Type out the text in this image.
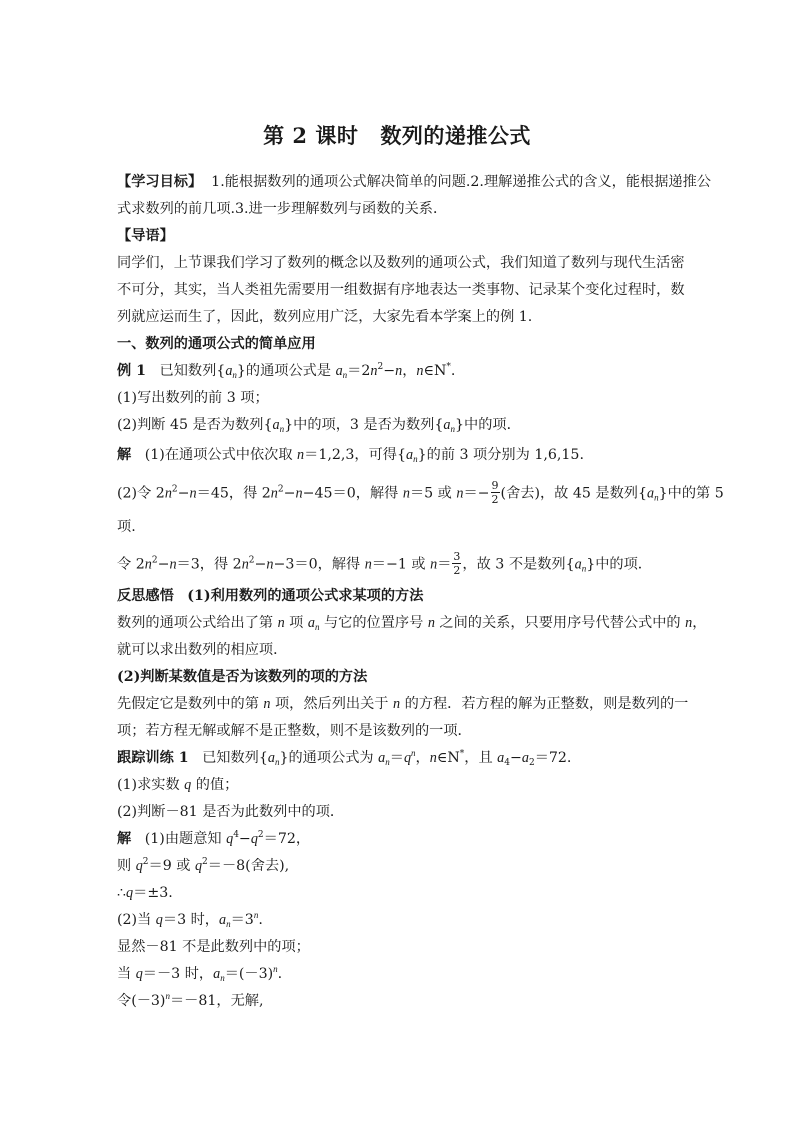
第 2 课时 数列的递推公式
【学习目标】 1.能根据数列的通项公式解决简单的问题.2.理解递推公式的含义，能根据递推公
式求数列的前几项.3.进一步理解数列与函数的关系．
【导语】
同学们，上节课我们学习了数列的概念以及数列的通项公式，我们知道了数列与现代生活密
不可分，其实，当人类祖先需要用一组数据有序地表达一类事物、记录某个变化过程时，数
列就应运而生了，因此，数列应用广泛，大家先看本学案上的例 1.
一、数列的通项公式的简单应用
例 1 已知数列$\{a_n\}$的通项公式是 $a_n=2n^2-n$，n∈N*.
(1)写出数列的前 3 项；
(2)判断 45 是否为数列$\{a_n\}$中的项，3 是否为数列$\{a_n\}$中的项．
解 (1)在通项公式中依次取 n＝1,2,3，可得$\{a_n\}$的前 3 项分别为 1,6,15.
(2)令 $2n^2-n=45$，得 $2n^2-n-45=0$，解得 n＝5 或 $n=- \frac{9}{2}$ (舍去)，故 45 是数列$\{a_n\}$中的第 5
项.
令 $2n^2-n=3$，得 $2n^2-n-3=0$，解得 n＝−1 或 $n= \frac{3}{2}$ ，故 3 不是数列$\{a_n\}$中的项．
反思感悟 (1)利用数列的通项公式求某项的方法
数列的通项公式给出了第 n 项 $a_n$ 与它的位置序号 n 之间的关系，只要用序号代替公式中的 n，
就可以求出数列的相应项．
(2)判断某数值是否为该数列的项的方法
先假定它是数列中的第 n 项，然后列出关于 n 的方程．若方程的解为正整数，则是数列的一
项；若方程无解或解不是正整数，则不是该数列的一项．
跟踪训练 1 已知数列$\{a_n\}$的通项公式为 $a_n=q^n$，n∈N*，且 $a_4-a_2=72$.
(1)求实数 q 的值；
(2)判断－81 是否为此数列中的项．
解 (1)由题意知 $q^4-q^2=72$，
则 $q^2=9$ 或 $q^2=-8$(舍去),
∴q＝±3.
(2)当 q＝3 时，$a_n=3^n$.
显然－81 不是此数列中的项；
当 q＝－3 时，$a_n=(-3)^n$.
令$(-3)^n=-81$，无解,
